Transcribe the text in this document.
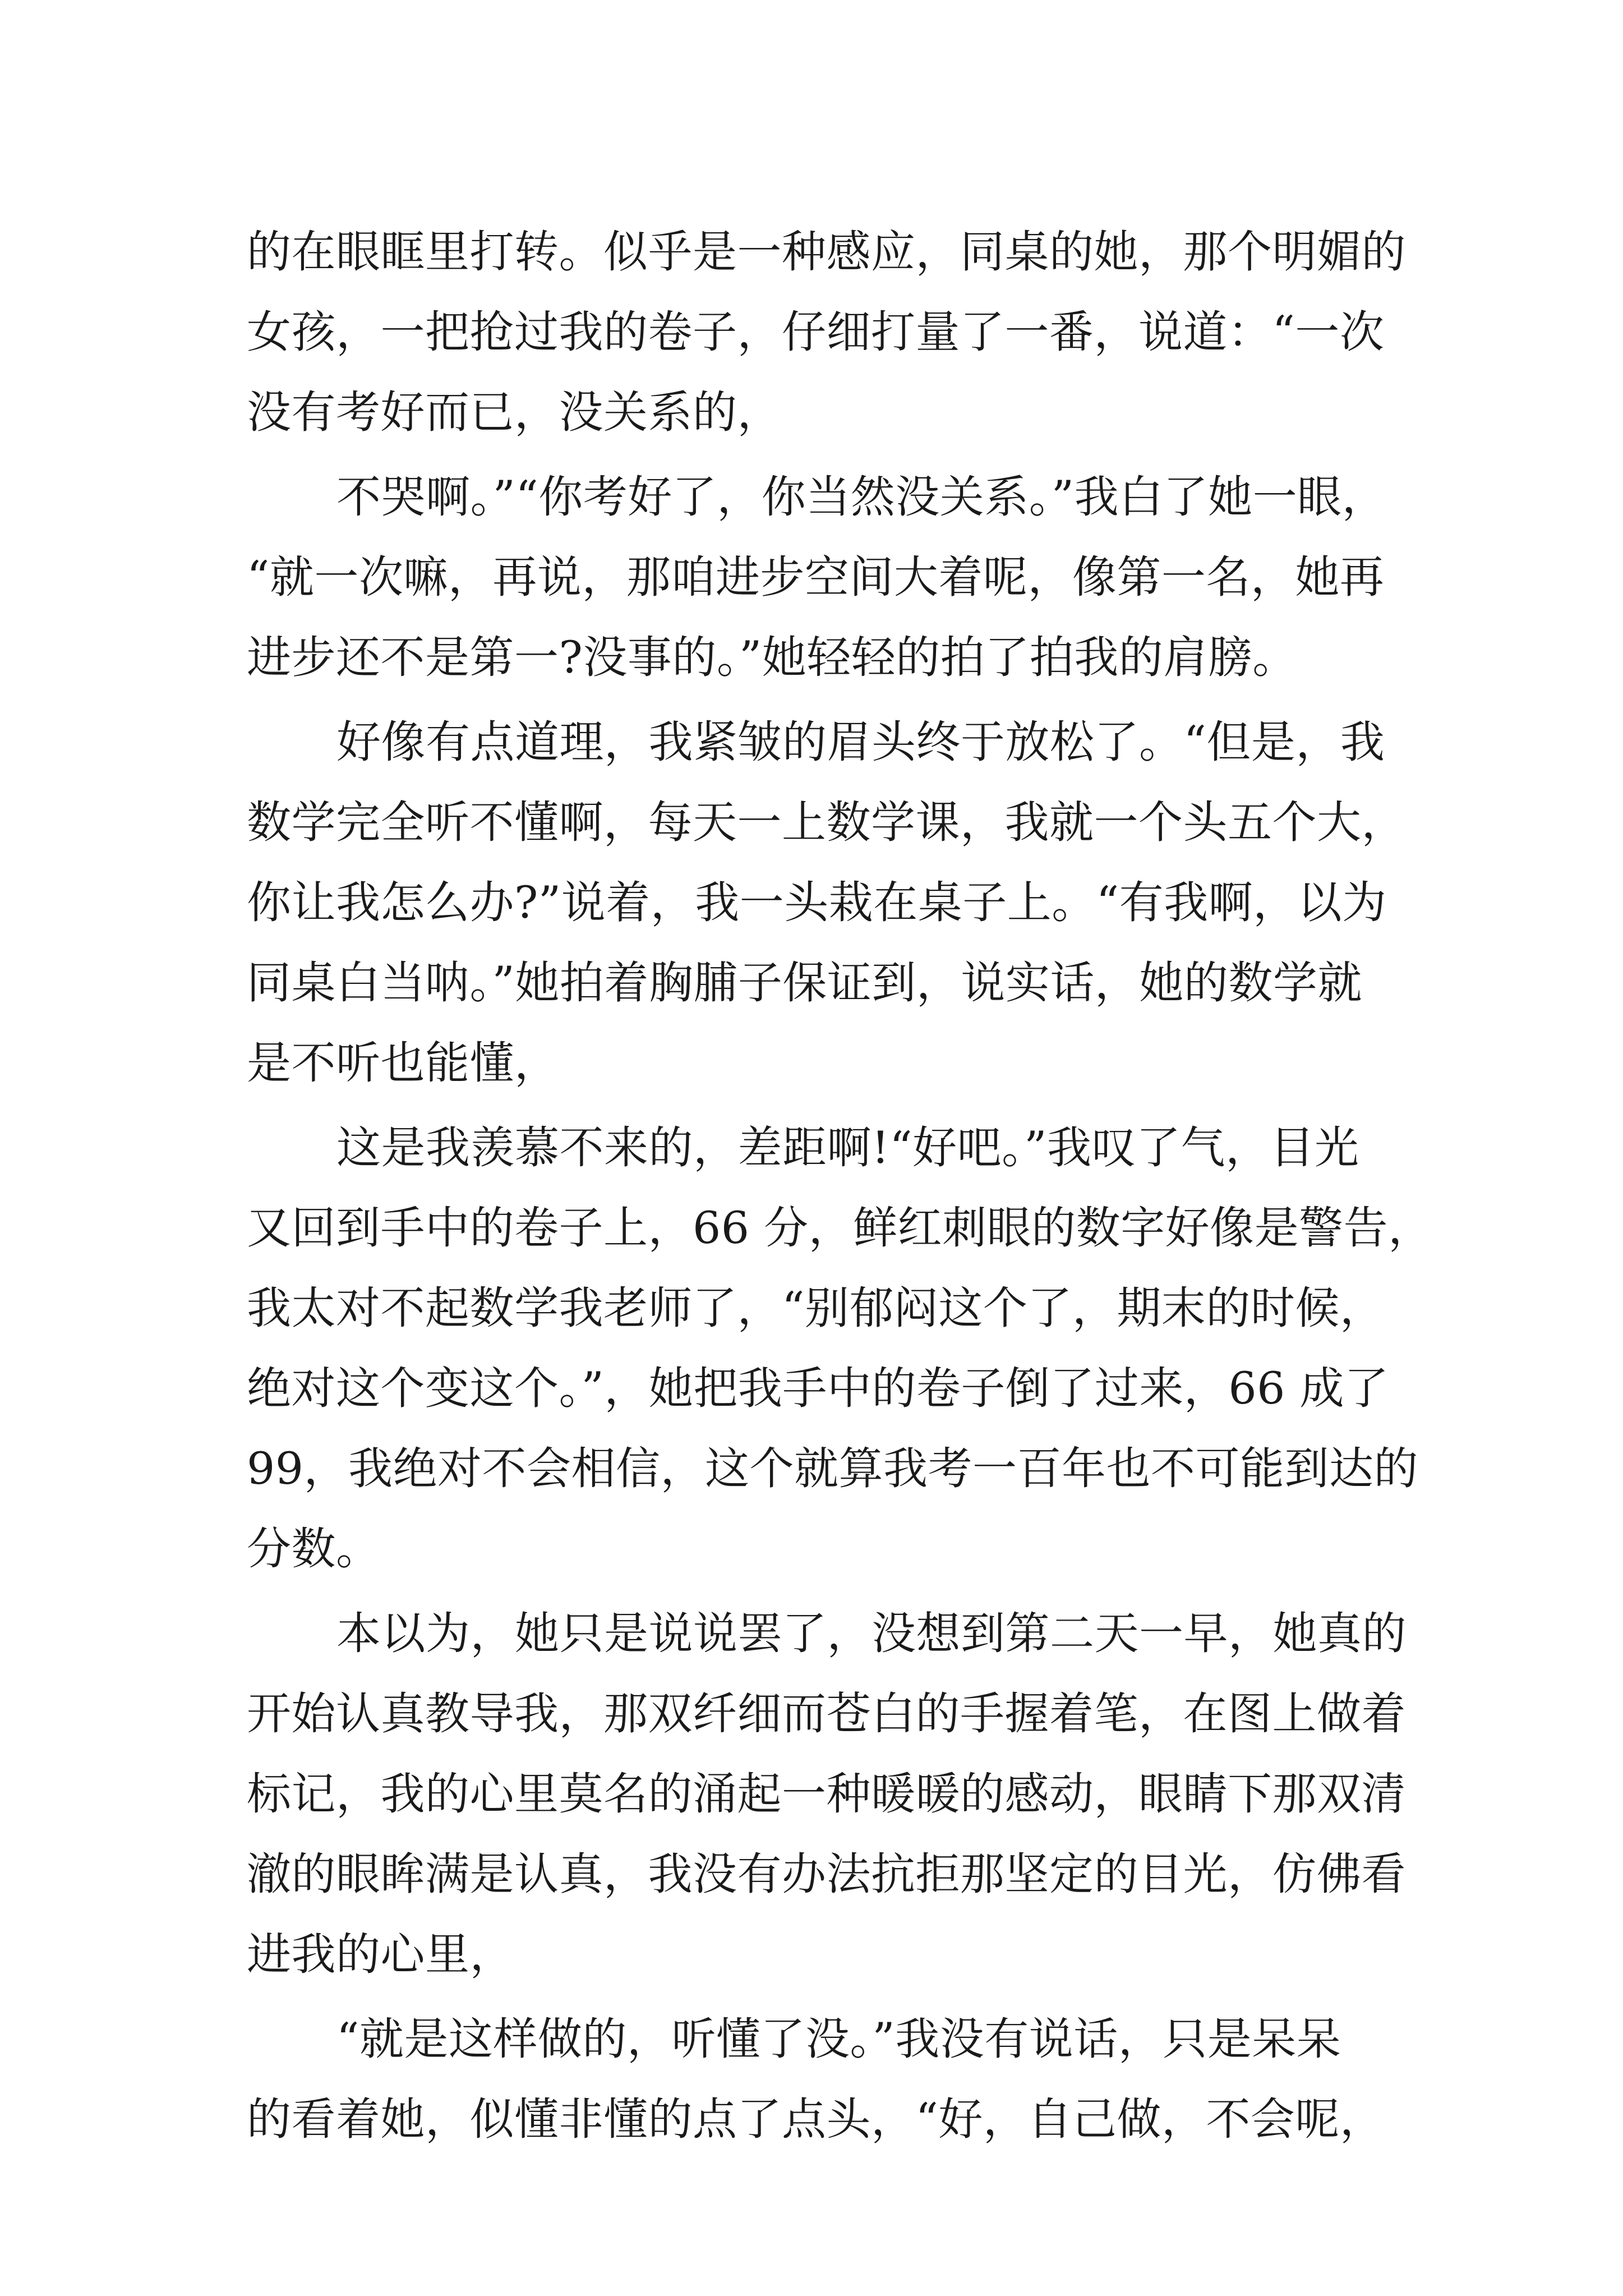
的在眼眶里打转。似乎是一种感应，同桌的她，那个明媚的
女孩，一把抢过我的卷子，仔细打量了一番，说道：“一次
没有考好而已，没关系的，
不哭啊。”“你考好了，你当然没关系。”我白了她一眼，
“就一次嘛，再说，那咱进步空间大着呢，像第一名，她再
进步还不是第一?没事的。”她轻轻的拍了拍我的肩膀。
好像有点道理，我紧皱的眉头终于放松了。“但是，我
数学完全听不懂啊，每天一上数学课，我就一个头五个大，
你让我怎么办?”说着，我一头栽在桌子上。“有我啊，以为
同桌白当呐。”她拍着胸脯子保证到，说实话，她的数学就
是不听也能懂，
这是我羡慕不来的，差距啊!“好吧。”我叹了气，目光
又回到手中的卷子上，66 分，鲜红刺眼的数字好像是警告，
我太对不起数学我老师了，“别郁闷这个了，期末的时候，
绝对这个变这个。”，她把我手中的卷子倒了过来，66 成了
99，我绝对不会相信，这个就算我考一百年也不可能到达的
分数。
本以为，她只是说说罢了，没想到第二天一早，她真的
开始认真教导我，那双纤细而苍白的手握着笔，在图上做着
标记，我的心里莫名的涌起一种暖暖的感动，眼睛下那双清
澈的眼眸满是认真，我没有办法抗拒那坚定的目光，仿佛看
进我的心里，
“就是这样做的，听懂了没。”我没有说话，只是呆呆
的看着她，似懂非懂的点了点头，“好，自己做，不会呢，
